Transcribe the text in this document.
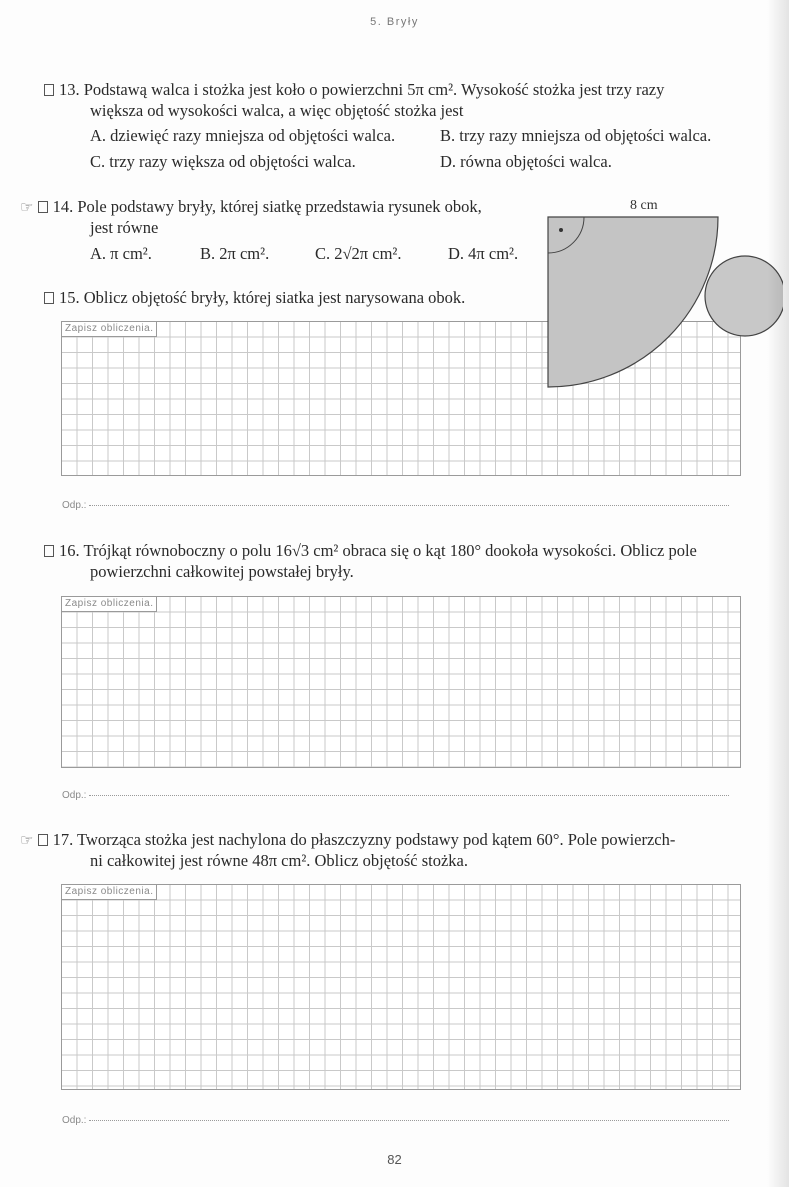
5. Bryły
13. Podstawą walca i stożka jest koło o powierzchni 5π cm². Wysokość stożka jest trzy razy
większa od wysokości walca, a więc objętość stożka jest
A. dziewięć razy mniejsza od objętości walca.	B. trzy razy mniejsza od objętości walca.
C. trzy razy większa od objętości walca.	D. równa objętości walca.
☞ 14. Pole podstawy bryły, której siatkę przedstawia rysunek obok,
jest równe
A. π cm².	B. 2π cm².	C. 2√2π cm².	D. 4π cm².
15. Oblicz objętość bryły, której siatka jest narysowana obok.
Zapisz obliczenia.
8 cm
Odp.:
16. Trójkąt równoboczny o polu 16√3 cm² obraca się o kąt 180° dookoła wysokości. Oblicz pole
powierzchni całkowitej powstałej bryły.
Zapisz obliczenia.
Odp.:
☞ 17. Tworząca stożka jest nachylona do płaszczyzny podstawy pod kątem 60°. Pole powierzch-
ni całkowitej jest równe 48π cm². Oblicz objętość stożka.
Zapisz obliczenia.
Odp.:
82
